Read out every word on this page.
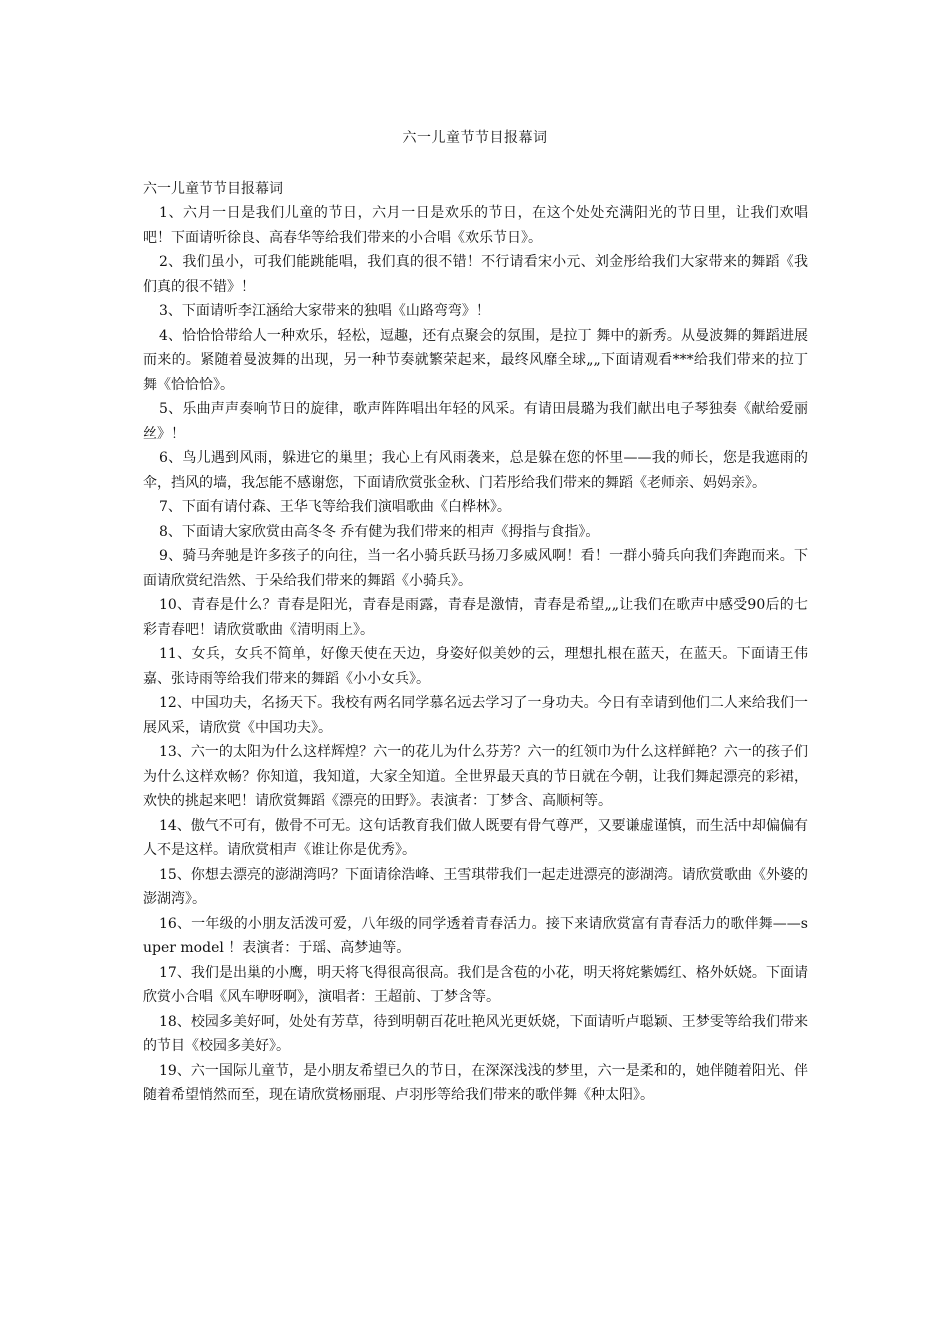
六一儿童节节目报幕词

六一儿童节节目报幕词

1、六月一日是我们儿童的节日，六月一日是欢乐的节日，在这个处处充满阳光的节日里，让我们欢唱吧！下面请听徐良、高春华等给我们带来的小合唱《欢乐节日》。

2、我们虽小，可我们能跳能唱，我们真的很不错！不行请看宋小元、刘金彤给我们大家带来的舞蹈《我们真的很不错》！

3、下面请听李江涵给大家带来的独唱《山路弯弯》！

4、恰恰恰带给人一种欢乐，轻松，逗趣，还有点聚会的氛围，是拉丁 舞中的新秀。从曼波舞的舞蹈进展而来的。紧随着曼波舞的出现，另一种节奏就繁荣起来，最终风靡全球„„下面请观看***给我们带来的拉丁舞《恰恰恰》。

5、乐曲声声奏响节日的旋律，歌声阵阵唱出年轻的风采。有请田晨璐为我们献出电子琴独奏《献给爱丽丝》！

6、鸟儿遇到风雨，躲进它的巢里；我心上有风雨袭来，总是躲在您的怀里——我的师长，您是我遮雨的伞，挡风的墙，我怎能不感谢您，下面请欣赏张金秋、门若彤给我们带来的舞蹈《老师亲、妈妈亲》。

7、下面有请付森、王华飞等给我们演唱歌曲《白桦林》。

8、下面请大家欣赏由高冬冬 乔有健为我们带来的相声《拇指与食指》。

9、骑马奔驰是许多孩子的向往，当一名小骑兵跃马扬刀多威风啊！看！一群小骑兵向我们奔跑而来。下面请欣赏纪浩然、于朵给我们带来的舞蹈《小骑兵》。

10、青春是什么？青春是阳光，青春是雨露，青春是激情，青春是希望„„让我们在歌声中感受90后的七彩青春吧！请欣赏歌曲《清明雨上》。

11、女兵，女兵不简单，好像天使在天边，身姿好似美妙的云，理想扎根在蓝天，在蓝天。下面请王伟嘉、张诗雨等给我们带来的舞蹈《小小女兵》。

12、中国功夫，名扬天下。我校有两名同学慕名远去学习了一身功夫。今日有幸请到他们二人来给我们一展风采，请欣赏《中国功夫》。

13、六一的太阳为什么这样辉煌？六一的花儿为什么芬芳？六一的红领巾为什么这样鲜艳？六一的孩子们为什么这样欢畅？你知道，我知道，大家全知道。全世界最天真的节日就在今朝，让我们舞起漂亮的彩裙，欢快的挑起来吧！请欣赏舞蹈《漂亮的田野》。表演者：丁梦含、高顺柯等。

14、傲气不可有，傲骨不可无。这句话教育我们做人既要有骨气尊严，又要谦虚谨慎，而生活中却偏偏有人不是这样。请欣赏相声《谁让你是优秀》。

15、你想去漂亮的澎湖湾吗？下面请徐浩峰、王雪琪带我们一起走进漂亮的澎湖湾。请欣赏歌曲《外婆的澎湖湾》。

16、一年级的小朋友活泼可爱，八年级的同学透着青春活力。接下来请欣赏富有青春活力的歌伴舞——super model ！表演者：于瑶、高梦迪等。

17、我们是出巢的小鹰，明天将飞得很高很高。我们是含苞的小花，明天将姹紫嫣红、格外妖娆。下面请欣赏小合唱《风车咿呀啊》，演唱者：王超前、丁梦含等。

18、校园多美好呵，处处有芳草，待到明朝百花吐艳风光更妖娆，下面请听卢聪颖、王梦雯等给我们带来的节目《校园多美好》。

19、六一国际儿童节，是小朋友希望已久的节日，在深深浅浅的梦里，六一是柔和的，她伴随着阳光、伴随着希望悄然而至，现在请欣赏杨丽琨、卢羽彤等给我们带来的歌伴舞《种太阳》。
